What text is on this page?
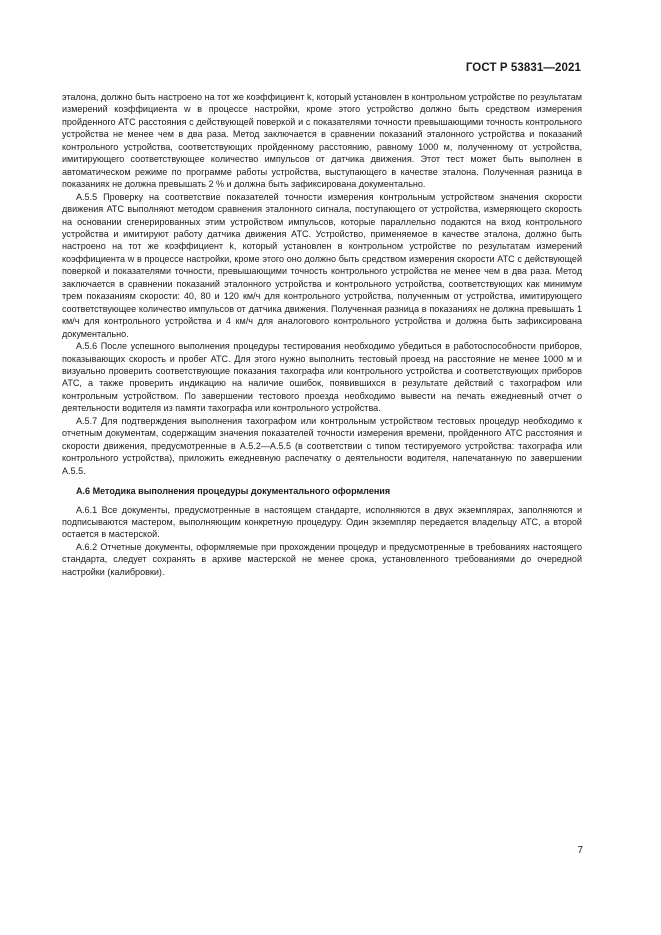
ГОСТ Р 53831—2021

эталона, должно быть настроено на тот же коэффициент k, который установлен в контрольном устройстве по результатам измерений коэффициента w в процессе настройки, кроме этого устройство должно быть средством измерения пройденного АТС расстояния с действующей поверкой и с показателями точности превышающими точность контрольного устройства не менее чем в два раза. Метод заключается в сравнении показаний эталонного устройства и показаний контрольного устройства, соответствующих пройденному расстоянию, равному 1000 м, полученному от устройства, имитирующего соответствующее количество импульсов от датчика движения. Этот тест может быть выполнен в автоматическом режиме по программе работы устройства, выступающего в качестве эталона. Полученная разница в показаниях не должна превышать 2 % и должна быть зафиксирована документально.

А.5.5 Проверку на соответствие показателей точности измерения контрольным устройством значения скорости движения АТС выполняют методом сравнения эталонного сигнала, поступающего от устройства, измеряющего скорость на основании сгенерированных этим устройством импульсов, которые параллельно подаются на вход контрольного устройства и имитируют работу датчика движения АТС. Устройство, применяемое в качестве эталона, должно быть настроено на тот же коэффициент k, который установлен в контрольном устройстве по результатам измерений коэффициента w в процессе настройки, кроме этого оно должно быть средством измерения скорости АТС с действующей поверкой и показателями точности, превышающими точность контрольного устройства не менее чем в два раза. Метод заключается в сравнении показаний эталонного устройства и контрольного устройства, соответствующих как минимум трем показаниям скорости: 40, 80 и 120 км/ч для контрольного устройства, полученным от устройства, имитирующего соответствующее количество импульсов от датчика движения. Полученная разница в показаниях не должна превышать 1 км/ч для контрольного устройства и 4 км/ч для аналогового контрольного устройства и должна быть зафиксирована документально.

А.5.6 После успешного выполнения процедуры тестирования необходимо убедиться в работоспособности приборов, показывающих скорость и пробег АТС. Для этого нужно выполнить тестовый проезд на расстояние не менее 1000 м и визуально проверить соответствующие показания тахографа или контрольного устройства и соответствующих приборов АТС, а также проверить индикацию на наличие ошибок, появившихся в результате действий с тахографом или контрольным устройством. По завершении тестового проезда необходимо вывести на печать ежедневный отчет о деятельности водителя из памяти тахографа или контрольного устройства.

А.5.7 Для подтверждения выполнения тахографом или контрольным устройством тестовых процедур необходимо к отчетным документам, содержащим значения показателей точности измерения времени, пройденного АТС расстояния и скорости движения, предусмотренные в А.5.2—А.5.5 (в соответствии с типом тестируемого устройства: тахографа или контрольного устройства), приложить ежедневную распечатку о деятельности водителя, напечатанную по завершении А.5.5.

А.6 Методика выполнения процедуры документального оформления

А.6.1 Все документы, предусмотренные в настоящем стандарте, исполняются в двух экземплярах, заполняются и подписываются мастером, выполняющим конкретную процедуру. Один экземпляр передается владельцу АТС, а второй остается в мастерской.

А.6.2 Отчетные документы, оформляемые при прохождении процедур и предусмотренные в требованиях настоящего стандарта, следует сохранять в архиве мастерской не менее срока, установленного требованиями до очередной настройки (калибровки).

7
